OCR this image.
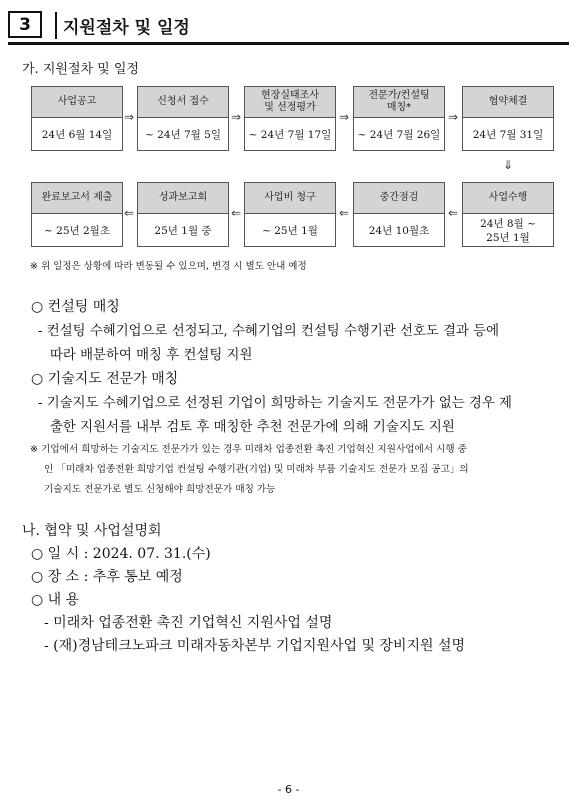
3	지원절차 및 일정
가. 지원절차 및 일정
사업공고
24년 6월 14일
신청서 접수
~ 24년 7월 5일
현장실태조사
및 선정평가
~ 24년 7월 17일
전문가/컨설팅
매칭*
~ 24년 7월 26일
협약체결
24년 7월 31일
⇒	⇒	⇒	⇒
⇓
완료보고서 제출
~ 25년 2월초
성과보고회
25년 1월 중
사업비 청구
~ 25년 1월
중간점검
24년 10월초
사업수행
24년 8월 ~
25년 1월
⇐	⇐	⇐	⇐
※ 위 일정은 상황에 따라 변동될 수 있으며, 변경 시 별도 안내 예정
○ 컨설팅 매칭
- 컨설팅 수혜기업으로 선정되고, 수혜기업의 컨설팅 수행기관 선호도 결과 등에
따라 배분하여 매칭 후 컨설팅 지원
○ 기술지도 전문가 매칭
- 기술지도 수혜기업으로 선정된 기업이 희망하는 기술지도 전문가가 없는 경우 제
출한 지원서를 내부 검토 후 매칭한 추천 전문가에 의해 기술지도 지원
※ 기업에서 희망하는 기술지도 전문가가 있는 경우 미래차 업종전환 촉진 기업혁신 지원사업에서 시행 중
인 「미래차 업종전환 희망기업 컨설팅 수행기관(기업) 및 미래차 부품 기술지도 전문가 모집 공고」의
기술지도 전문가로 별도 신청해야 희망전문가 매칭 가능
나. 협약 및 사업설명회
○ 일 시 : 2024. 07. 31.(수)
○ 장 소 : 추후 통보 예정
○ 내 용
- 미래차 업종전환 촉진 기업혁신 지원사업 설명
- (재)경남테크노파크 미래자동차본부 기업지원사업 및 장비지원 설명
- 6 -
